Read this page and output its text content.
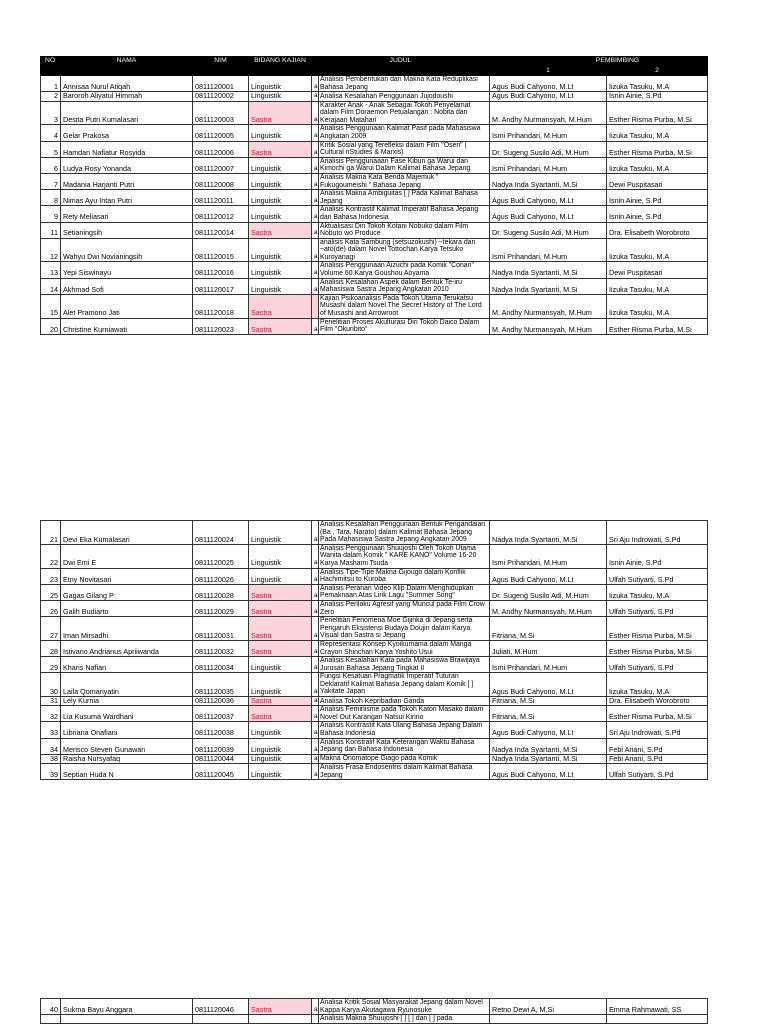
NO	NAMA	NIM	BIDANG KAJIAN	JUDUL		PEMBIMBING	
						1	2
1	Annisaa Nurul Atiqah	0811120001	Linguistik	a	Analisis Pembentukan dan Makna Kata Reduplikasi Bahasa Jepang	Agus Budi Cahyono, M.Lt	Iizuka Tasuku, M.A
2	Baroroh Aliyatul Himmah	0811120002	Linguistik	a	Analisa Kesalahan Penggunaan Jujodoushi	Agus Budi Cahyono, M.Lt	Isnin Ainie, S.Pd
3	Desita Putri Kumalasari	0811120003	Sastra	a	Karakter Anak - Anak Sebagai Tokoh Penyelamat dalam Film Doraemon Petualangan : Nobita dan Kerajaan Matahari	M. Andhy Nurmansyah, M.Hum	Esther Risma Purba, M.Si
4	Gelar Prakosa	0811120005	Linguistik	a	Analisis Penggunaan Kalimat Pasif pada Mahasiswa Angkatan 2009	Ismi Prihandari, M.Hum	Iizuka Tasuku, M.A
5	Hamdan Nafiatur Rosyida	0811120006	Sastra	a	Kritik Sosial yang Terefleksi dalam Film "Oseri" ( Cultural nStudies & Marxis)	Dr. Sugeng Susilo Adi, M.Hum	Esther Risma Purba, M.Si
6	Ludya Rosy Yonanda	0811120007	Linguistik	a	Analisis Penggunaaan Fase Kibun ga Warui dan Kimochi ga Warui Dalam Kalimat Bahasa Jepang	Ismi Prihandari, M.Hum	Iizuka Tasuku, M.A
7	Madania Harjanti Putri	0811120008	Linguistik	a	Analisis Makna Kata Benda Majemuk " Fukugoumeishi " Bahasa Jepang	Nadya Inda Syartanti, M.Si	Dewi Puspitasari
8	Nimas Ayu Intan Putri	0811120011	Linguistik	a	Analisis Makna Ambiguitas [ ] Pada Kalimat Bahasa Jepang	Agus Budi Cahyono, M.Lt	Isnin Ainie, S.Pd
9	Rety Meliasari	0811120012	Linguistik	a	Analisis Kontrastif Kalimat Imperatif Bahasa Jepang dan Bahasa Indonesia	Agus Budi Cahyono, M.Lt	Isnin Ainie, S.Pd
11	Setianingsih	0811120014	Sastra	a	Aktualisasi Diri Tokoh Kotani Nobuko dalam Film Nobuto wo Produce	Dr. Sugeng Susilo Adi, M.Hum	Dra. Elisabeth Worobroto
12	Wahyu Dwi Novianingsih	0811120015	Linguistik	a	analisis Kata Sambung (setsuzokushi) ~tekara dan ~ato(de) dalam Novel Tottochan Karya Tetsuko Kuroyanagi	Ismi Prihandari, M.Hum	Iizuka Tasuku, M.A
13	Yepi Siswinayu	0811120016	Linguistik	a	Analisis Penggunaan Aizuchi pada Komik "Conan" Volume 60 Karya Goushou Aoyama	Nadya Inda Syartanti, M.Si	Dewi Puspitasari
14	Akhmad Sofi	0811120017	Linguistik	a	Analisis Kesalahan Aspek dalam Bentuk Te-iru Mahasiswa Sastra Jepang Angkatan 2010	Nadya Inda Syartanti, M.Si	Iizuka Tasuku, M.A
15	Alet Pramono Jati	0811120018	Sastra		Kajian Psikoanalisis Pada Tokoh Utama Terukatsu Musashi dalam Novel The Secret History of The Lord of Musashi and Arrowroot	M. Andhy Nurmansyah, M.Hum	Iizuka Tasuku, M.A
20	Christine Kurniawati	0811120023	Sastra	a	Penelitian Proses Akulturasi Diri Tokoh Daico Dalam Film "Okuribito"	M. Andhy Nurmansyah, M.Hum	Esther Risma Purba, M.Si
21	Devi Eka Kumalasari	0811120024	Linguistik	a	Analisis Kesalahan Penggunaan Bentuk Pengandaian (Ba , Tara, Narato) dalam Kalimat Bahasa Jepang Pada Mahasiswa Sastra Jepang Angkatan 2009	Nadya Inda Syartanti, M.Si	Sri Aju Indrowati, S.Pd
22	Dwi Emi E	0811120025	Linguistik	a	Analisis Penggunaan Shuujoshi Oleh Tokoh Utama Wanita dalam Komik " KARE KANO" Volume 16-20 Karya Mashami Tsuda	Ismi Prihandari, M.Hum	Isnin Ainie, S.Pd
23	Etny Novitasari	0811120026	Linguistik	a	Analisis Tipe-Tipe Makna Gijougo dalam Konflik Hachimitsu to Kuroba	Agus Budi Cahyono, M.Lt	Ulfah Sutiyarti, S.Pd
25	Gagas Gilang P	0811120028	Sastra	a	Analisis Peranan Video Klip Dalam Menghidupkan Pemaknaan Atas Lirik Lagu "Summer Song"	Dr. Sugeng Susilo Adi, M.Hum	Iizuka Tasuku, M.A
26	Galih Budiarto	0811120029	Sastra	a	Analisis Perilaku Agresif yang Muncul pada Film Crow Zero	M. Andhy Nurmansyah, M.Hum	Ulfah Sutiyarti, S.Pd
27	Iman Mirsadhi	0811120031	Sastra	a	Penelitian Fenomena Moe Gijinka di Jepang serta Pengaruh Eksistensi Budaya Doujin dalam Karya Visual dan Sastra si Jepang	Fitriana, M.Si	Esther Risma Purba, M.Si
28	Istivano Andrianus Apriiwanda	0811120032	Sastra	a	Representasi Konsep Kyoikumama dalam Manga Crayon Shinchan Karya Yoshito Usui	Juliati, M.Hum	Esther Risma Purba, M.Si
29	Kharis Nafian	0811120034	Linguistik	a	Analisis Kesalahan Kata pada Mahasiswa Brawijaya Jurusan Bahasa Jepang Tingkat II	Ismi Prihandari, M.Hum	Ulfah Sutiyarti, S.Pd
30	Laila Qomariyatin	0811120035	Linguistik	a	Fungsi Kesatuan Pragmatik Imperatif Tuturan Deklaratif Kalimat Bahasa Jepang dalam Komik [ ] Yakitate Japan	Agus Budi Cahyono, M.Lt	Iizuka Tasuku, M.A
31	Lely Kurnia	0811120036	Sastra	a	Analisa Tokoh Kepribadian Ganda	Fitriana, M.Si	Dra. Elisabeth Worobroto
32	Lia Kusuma Wardhani	0811120037	Sastra	a	Analisis Feminisme pada Tokoh Katori Masako dalam Novel Out Karangan Natsui Kirino	Fitriana, M.Si	Esther Risma Purba, M.Si
33	Libriana Onafiani	0811120038	Linguistik	a	Analisis Kontrastif Kata Ulang Bahasa Jepang Dalam Bahasa Indonesia	Agus Budi Cahyono, M.Lt	Sri Aju Indrowati, S.Pd
34	Merisco Steven Gunawan	0811120039	Linguistik	a	Analisis Konstralif Kata Keterangan Waktu Bahasa Jepang dan Bahasa Indonesia	Nadya Inda Syartanti, M.Si	Febi Ariani, S.Pd
38	Raisha Nursyafaq	0811120044	Linguistik	a	Makna Onomatope Giago pada Komik	Nadya Inda Syartanti, M.Si	Febi Ariani, S.Pd
39	Septian Huda N	0811120045	Linguistik	a	Analisis Frasa Endosentris dalam Kalimat Bahasa Jepang	Agus Budi Cahyono, M.Lt	Ulfah Sutiyarti, S.Pd
40	Sukma Bayu Anggara	0811120046	Sastra	a	Analisa Kritik Sosial Masyarakat Jepang dalam Novel Kappa Karya Akutagawa Ryunosuke	Retno Dewi A, M.Si	Emma Rahmawati, SS
					Analisis Makna Shuujoshi [ ] [ ] dan [ ] pada		
